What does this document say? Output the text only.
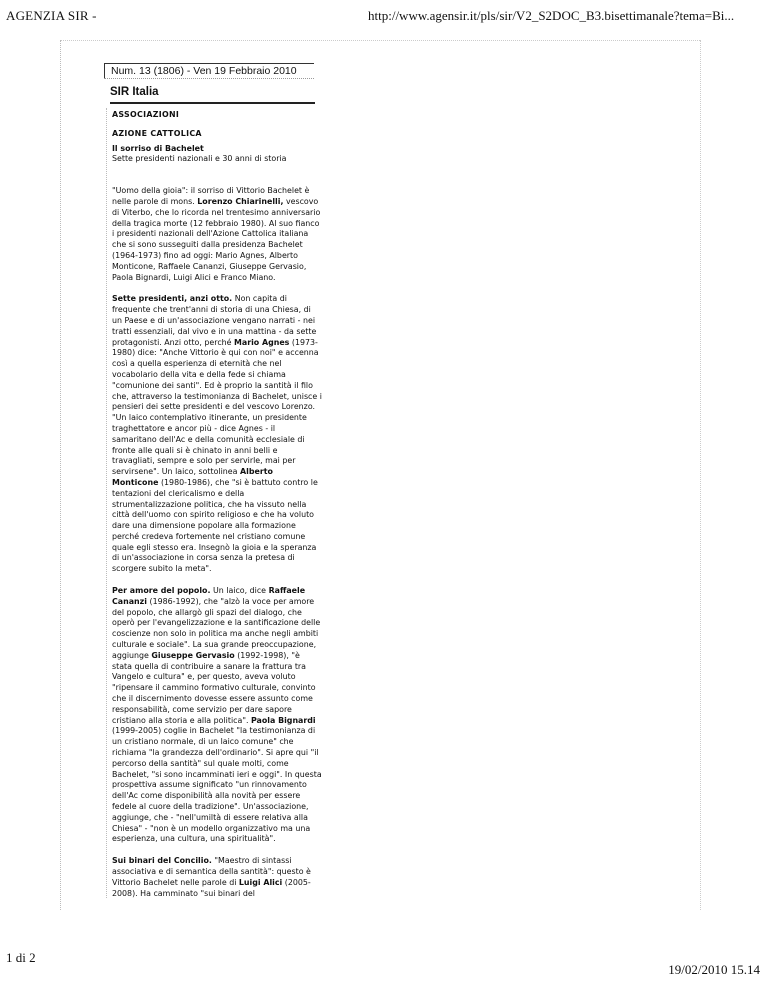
AGENZIA SIR -	http://www.agensir.it/pls/sir/V2_S2DOC_B3.bisettimanale?tema=Bi...
Num. 13 (1806) - Ven 19 Febbraio 2010
SIR Italia
ASSOCIAZIONI
AZIONE CATTOLICA
Il sorriso di Bachelet
Sette presidenti nazionali e 30 anni di storia

"Uomo della gioia": il sorriso di Vittorio Bachelet è nelle parole di mons. Lorenzo Chiarinelli, vescovo di Viterbo, che lo ricorda nel trentesimo anniversario della tragica morte (12 febbraio 1980). Al suo fianco i presidenti nazionali dell'Azione Cattolica italiana che si sono susseguiti dalla presidenza Bachelet (1964-1973) fino ad oggi: Mario Agnes, Alberto Monticone, Raffaele Cananzi, Giuseppe Gervasio, Paola Bignardi, Luigi Alici e Franco Miano.

Sette presidenti, anzi otto. Non capita di frequente che trent'anni di storia di una Chiesa, di un Paese e di un'associazione vengano narrati - nei tratti essenziali, dal vivo e in una mattina - da sette protagonisti. Anzi otto, perché Mario Agnes (1973-1980) dice: "Anche Vittorio è qui con noi" e accenna così a quella esperienza di eternità che nel vocabolario della vita e della fede si chiama "comunione dei santi". Ed è proprio la santità il filo che, attraverso la testimonianza di Bachelet, unisce i pensieri dei sette presidenti e del vescovo Lorenzo. "Un laico contemplativo itinerante, un presidente traghettatore e ancor più - dice Agnes - il samaritano dell'Ac e della comunità ecclesiale di fronte alle quali si è chinato in anni belli e travagliati, sempre e solo per servirle, mai per servirsene". Un laico, sottolinea Alberto Monticone (1980-1986), che "si è battuto contro le tentazioni del clericalismo e della strumentalizzazione politica, che ha vissuto nella città dell'uomo con spirito religioso e che ha voluto dare una dimensione popolare alla formazione perché credeva fortemente nel cristiano comune quale egli stesso era. Insegnò la gioia e la speranza di un'associazione in corsa senza la pretesa di scorgere subito la meta".

Per amore del popolo. Un laico, dice Raffaele Cananzi (1986-1992), che "alzò la voce per amore del popolo, che allargò gli spazi del dialogo, che operò per l'evangelizzazione e la santificazione delle coscienze non solo in politica ma anche negli ambiti culturale e sociale". La sua grande preoccupazione, aggiunge Giuseppe Gervasio (1992-1998), "è stata quella di contribuire a sanare la frattura tra Vangelo e cultura" e, per questo, aveva voluto "ripensare il cammino formativo culturale, convinto che il discernimento dovesse essere assunto come responsabilità, come servizio per dare sapore cristiano alla storia e alla politica". Paola Bignardi (1999-2005) coglie in Bachelet "la testimonianza di un cristiano normale, di un laico comune" che richiama "la grandezza dell'ordinario". Si apre qui "il percorso della santità" sul quale molti, come Bachelet, "si sono incamminati ieri e oggi". In questa prospettiva assume significato "un rinnovamento dell'Ac come disponibilità alla novità per essere fedele al cuore della tradizione". Un'associazione, aggiunge, che - "nell'umiltà di essere relativa alla Chiesa" - "non è un modello organizzativo ma una esperienza, una cultura, una spiritualità".

Sui binari del Concilio. "Maestro di sintassi associativa e di semantica della santità": questo è Vittorio Bachelet nelle parole di Luigi Alici (2005-2008). Ha camminato "sui binari del

1 di 2
19/02/2010 15.14
